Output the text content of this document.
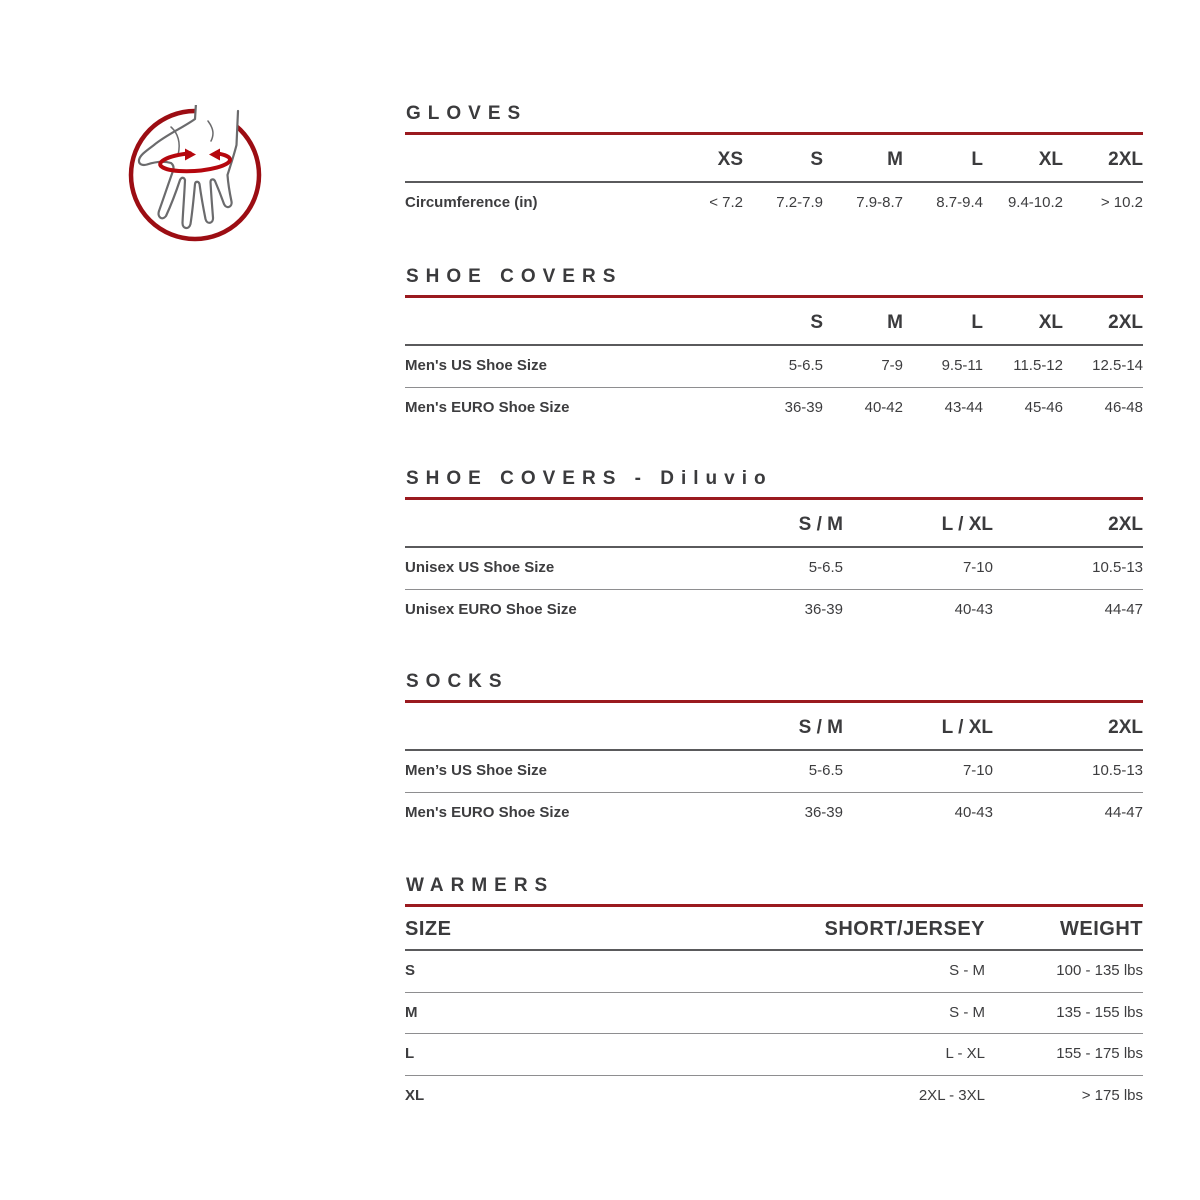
GLOVES
	XS	S	M	L	XL	2XL
Circumference (in)	< 7.2	7.2-7.9	7.9-8.7	8.7-9.4	9.4-10.2	> 10.2
SHOE COVERS
	S	M	L	XL	2XL
Men's US Shoe Size	5-6.5	7-9	9.5-11	11.5-12	12.5-14
Men's EURO Shoe Size	36-39	40-42	43-44	45-46	46-48
SHOE COVERS - Diluvio
	S / M	L / XL	2XL
Unisex US Shoe Size	5-6.5	7-10	10.5-13
Unisex EURO Shoe Size	36-39	40-43	44-47
SOCKS
	S / M	L / XL	2XL
Men’s US Shoe Size	5-6.5	7-10	10.5-13
Men's EURO Shoe Size	36-39	40-43	44-47
WARMERS
SIZE	SHORT/JERSEY	WEIGHT
S	S - M	100 - 135 lbs
M	S - M	135 - 155 lbs
L	L - XL	155 - 175 lbs
XL	2XL - 3XL	> 175 lbs
